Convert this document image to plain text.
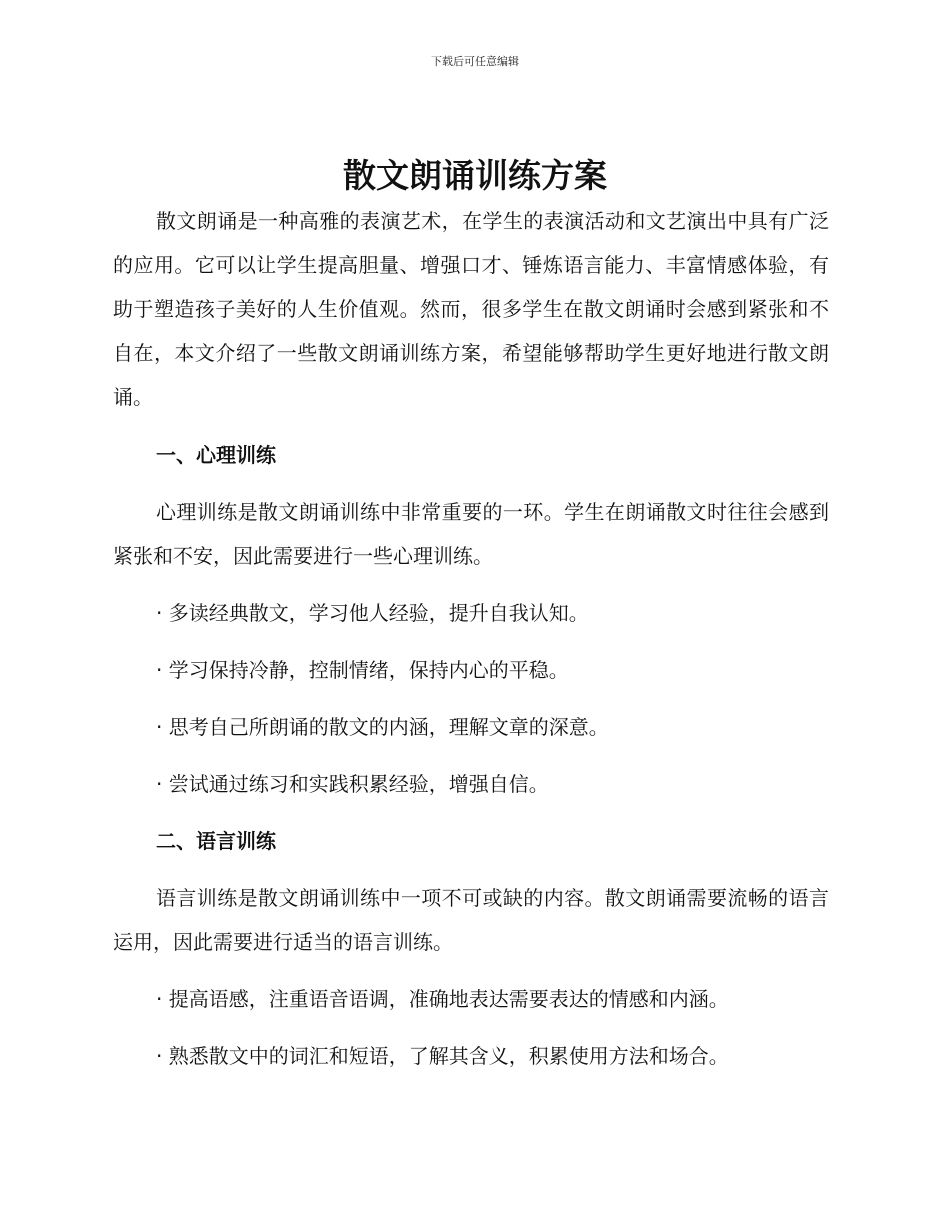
下载后可任意编辑
散文朗诵训练方案

散文朗诵是一种高雅的表演艺术，在学生的表演活动和文艺演出中具有广泛的应用。它可以让学生提高胆量、增强口才、锤炼语言能力、丰富情感体验，有助于塑造孩子美好的人生价值观。然而，很多学生在散文朗诵时会感到紧张和不自在，本文介绍了一些散文朗诵训练方案，希望能够帮助学生更好地进行散文朗诵。

一、心理训练

心理训练是散文朗诵训练中非常重要的一环。学生在朗诵散文时往往会感到紧张和不安，因此需要进行一些心理训练。

· 多读经典散文，学习他人经验，提升自我认知。

· 学习保持冷静，控制情绪，保持内心的平稳。

· 思考自己所朗诵的散文的内涵，理解文章的深意。

· 尝试通过练习和实践积累经验，增强自信。

二、语言训练

语言训练是散文朗诵训练中一项不可或缺的内容。散文朗诵需要流畅的语言运用，因此需要进行适当的语言训练。

· 提高语感，注重语音语调，准确地表达需要表达的情感和内涵。

· 熟悉散文中的词汇和短语，了解其含义，积累使用方法和场合。
